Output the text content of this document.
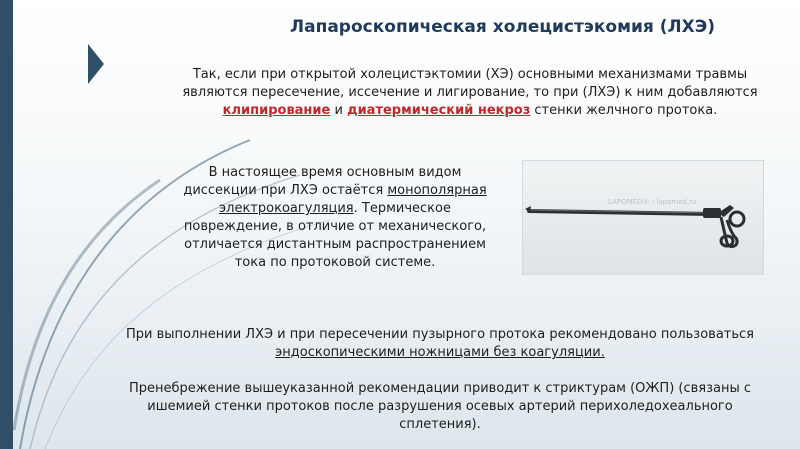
Лапароскопическая холецистэкомия (ЛХЭ)
Так, если при открытой холецистэктомии (ХЭ) основными механизмами травмы являются пересечение, иссечение и лигирование, то при (ЛХЭ) к ним добавляются клипирование и диатермический некроз стенки желчного протока.
В настоящее время основным видом диссекции при ЛХЭ остаётся монополярная электрокоагуляция. Термическое повреждение, в отличие от механического, отличается дистантным распространением тока по протоковой системе.
LAPOMED® - lapomed.ru
При выполнении ЛХЭ и при пересечении пузырного протока рекомендовано пользоваться эндоскопическими ножницами без коагуляции.
Пренебрежение вышеуказанной рекомендации приводит к стриктурам (ОЖП) (связаны с ишемией стенки протоков после разрушения осевых артерий перихоледохеального сплетения).
